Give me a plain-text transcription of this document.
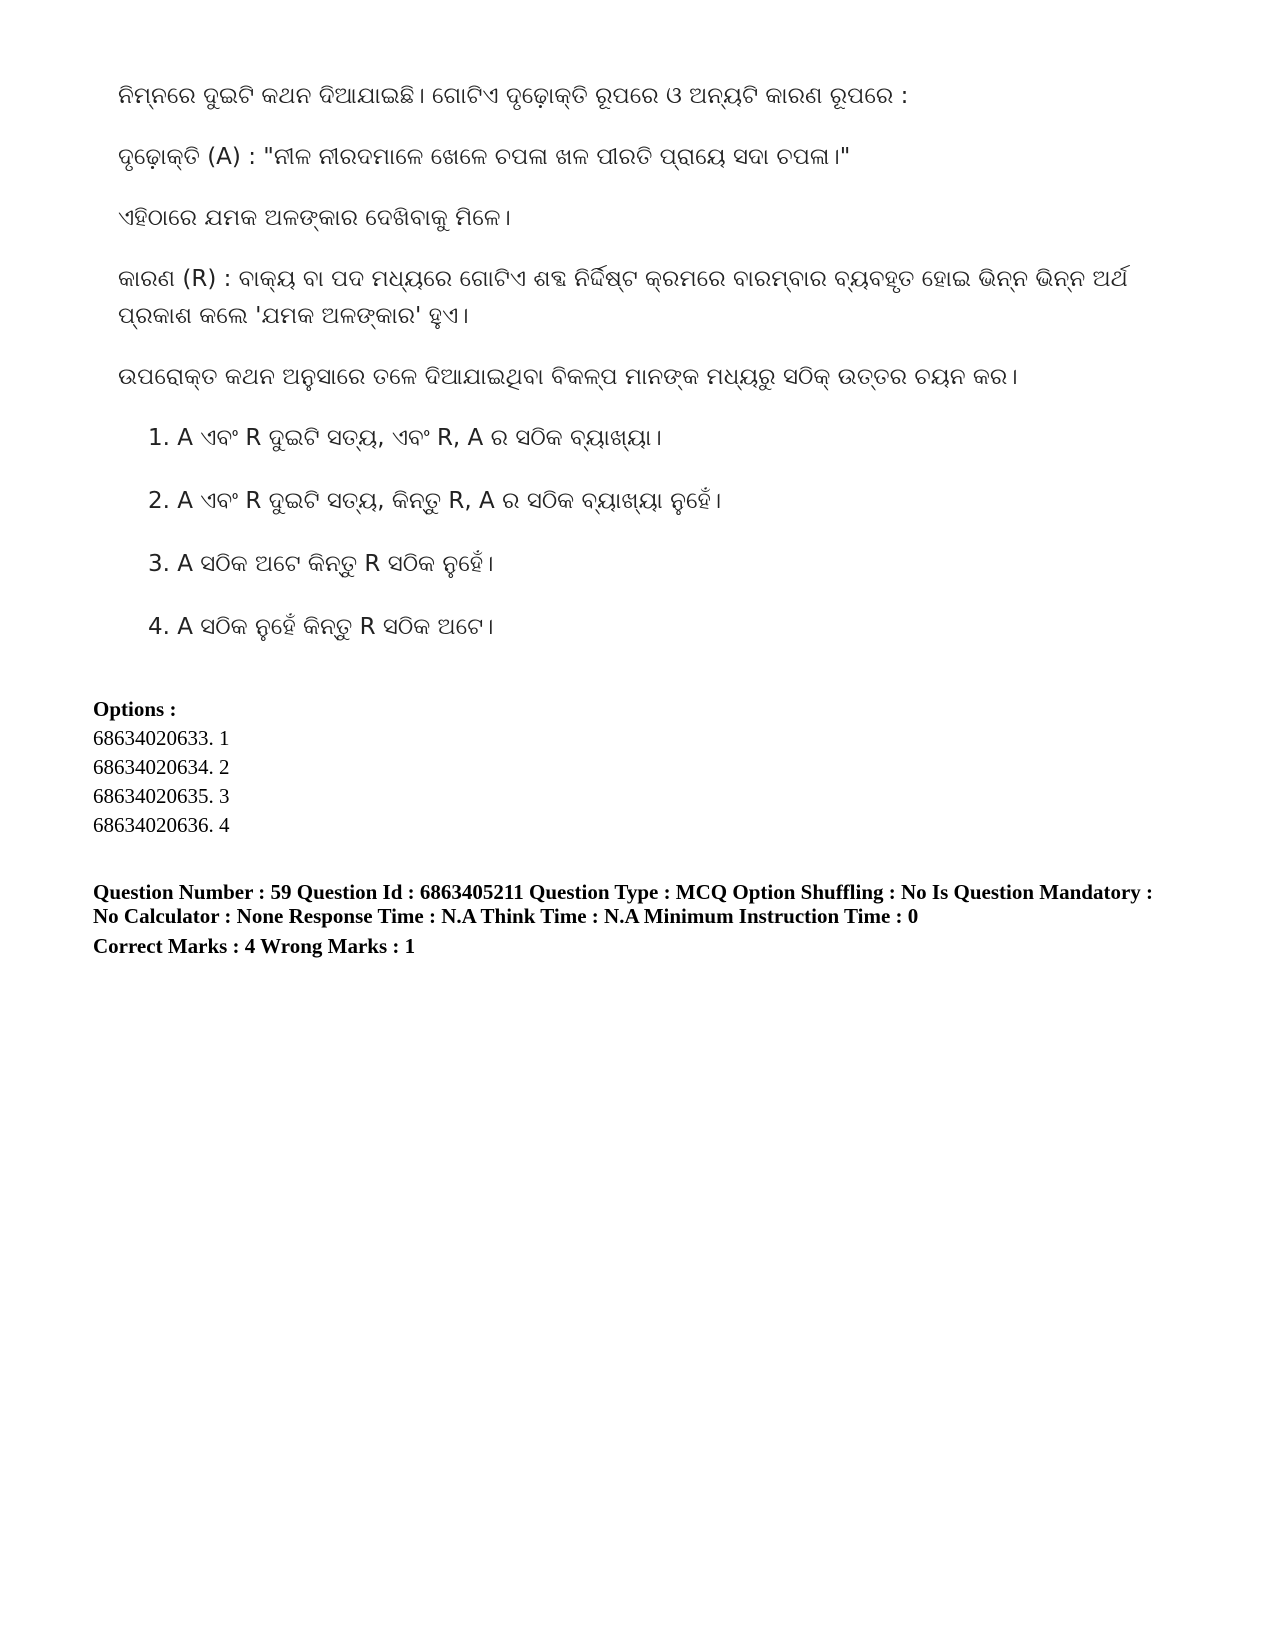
ନିମ୍ନରେ ଦୁଇଟି କଥନ ଦିଆଯାଇଛି। ଗୋଟିଏ ଦୃଢ଼ୋକ୍ତି ରୂପରେ ଓ ଅନ୍ୟଟି କାରଣ ରୂପରେ :

ଦୃଢ଼ୋକ୍ତି (A) : "ନୀଳ ନୀରଦମାଳେ ଖେଳେ ଚପଳା ଖଳ ପୀରତି ପ୍ରାୟେ ସଦା ଚପଳା।"

ଏହିଠାରେ ଯମକ ଅଳଙ୍କାର ଦେଖିବାକୁ ମିଳେ।

କାରଣ (R) : ବାକ୍ୟ ବା ପଦ ମଧ୍ୟରେ ଗୋଟିଏ ଶବ୍ଦ ନିର୍ଦ୍ଦିଷ୍ଟ କ୍ରମରେ ବାରମ୍ବାର ବ୍ୟବହୃତ ହୋଇ ଭିନ୍ନ ଭିନ୍ନ ଅର୍ଥ ପ୍ରକାଶ କଲେ 'ଯମକ ଅଳଙ୍କାର' ହୁଏ।

ଉପରୋକ୍ତ କଥନ ଅନୁସାରେ ତଳେ ଦିଆଯାଇଥିବା ବିକଳ୍ପ ମାନଙ୍କ ମଧ୍ୟରୁ ସଠିକ୍ ଉତ୍ତର ଚୟନ କର।

1. A ଏବଂ R ଦୁଇଟି ସତ୍ୟ, ଏବଂ R, A ର ସଠିକ ବ୍ୟାଖ୍ୟା।

2. A ଏବଂ R ଦୁଇଟି ସତ୍ୟ, କିନ୍ତୁ R, A ର ସଠିକ ବ୍ୟାଖ୍ୟା ନୁହେଁ।

3. A ସଠିକ ଅଟେ କିନ୍ତୁ R ସଠିକ ନୁହେଁ।

4. A ସଠିକ ନୁହେଁ କିନ୍ତୁ R ସଠିକ ଅଟେ।

Options :

68634020633. 1

68634020634. 2

68634020635. 3

68634020636. 4

Question Number : 59 Question Id : 6863405211 Question Type : MCQ Option Shuffling : No Is Question Mandatory :
No Calculator : None Response Time : N.A Think Time : N.A Minimum Instruction Time : 0
Correct Marks : 4 Wrong Marks : 1
